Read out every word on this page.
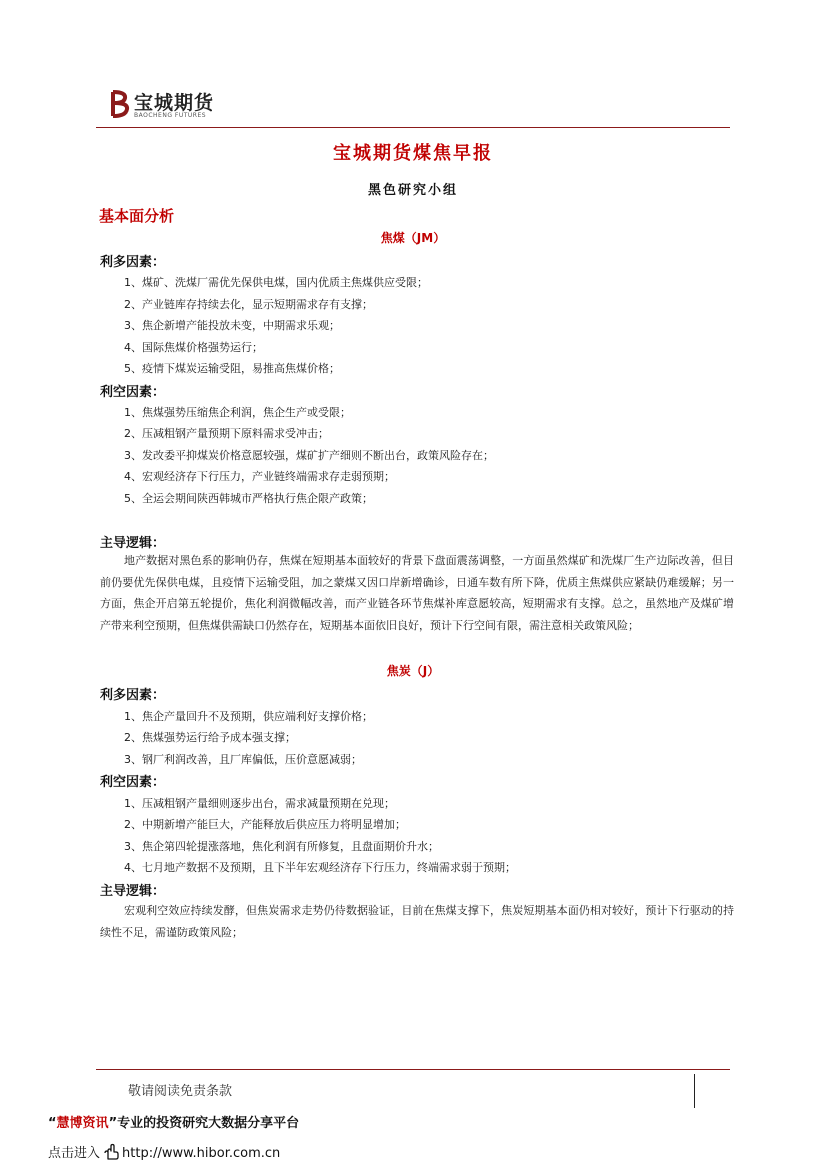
宝城期货
BAOCHENG FUTURES
宝城期货煤焦早报
黑色研究小组
基本面分析
焦煤（JM）
利多因素：
1、煤矿、洗煤厂需优先保供电煤，国内优质主焦煤供应受限；
2、产业链库存持续去化，显示短期需求存有支撑；
3、焦企新增产能投放未变，中期需求乐观；
4、国际焦煤价格强势运行；
5、疫情下煤炭运输受阻，易推高焦煤价格；
利空因素：
1、焦煤强势压缩焦企利润，焦企生产或受限；
2、压减粗钢产量预期下原料需求受冲击；
3、发改委平抑煤炭价格意愿较强，煤矿扩产细则不断出台，政策风险存在；
4、宏观经济存下行压力，产业链终端需求存走弱预期；
5、全运会期间陕西韩城市严格执行焦企限产政策；
主导逻辑：

地产数据对黑色系的影响仍存，焦煤在短期基本面较好的背景下盘面震荡调整，一方面虽然煤矿和洗煤厂生产边际改善，但目前仍要优先保供电煤，且疫情下运输受阻，加之蒙煤又因口岸新增确诊，日通车数有所下降，优质主焦煤供应紧缺仍难缓解；另一方面，焦企开启第五轮提价，焦化利润微幅改善，而产业链各环节焦煤补库意愿较高，短期需求有支撑。总之，虽然地产及煤矿增产带来利空预期，但焦煤供需缺口仍然存在，短期基本面依旧良好，预计下行空间有限，需注意相关政策风险；

焦炭（J）
利多因素：
1、焦企产量回升不及预期，供应端利好支撑价格；
2、焦煤强势运行给予成本强支撑；
3、钢厂利润改善，且厂库偏低，压价意愿减弱；
利空因素：
1、压减粗钢产量细则逐步出台，需求减量预期在兑现；
2、中期新增产能巨大，产能释放后供应压力将明显增加；
3、焦企第四轮提涨落地，焦化利润有所修复，且盘面期价升水；
4、七月地产数据不及预期，且下半年宏观经济存下行压力，终端需求弱于预期；
主导逻辑：

宏观利空效应持续发酵，但焦炭需求走势仍待数据验证，目前在焦煤支撑下，焦炭短期基本面仍相对较好，预计下行驱动的持续性不足，需谨防政策风险；

敬请阅读免责条款
“慧博资讯”专业的投资研究大数据分享平台
点击进入 http://www.hibor.com.cn
